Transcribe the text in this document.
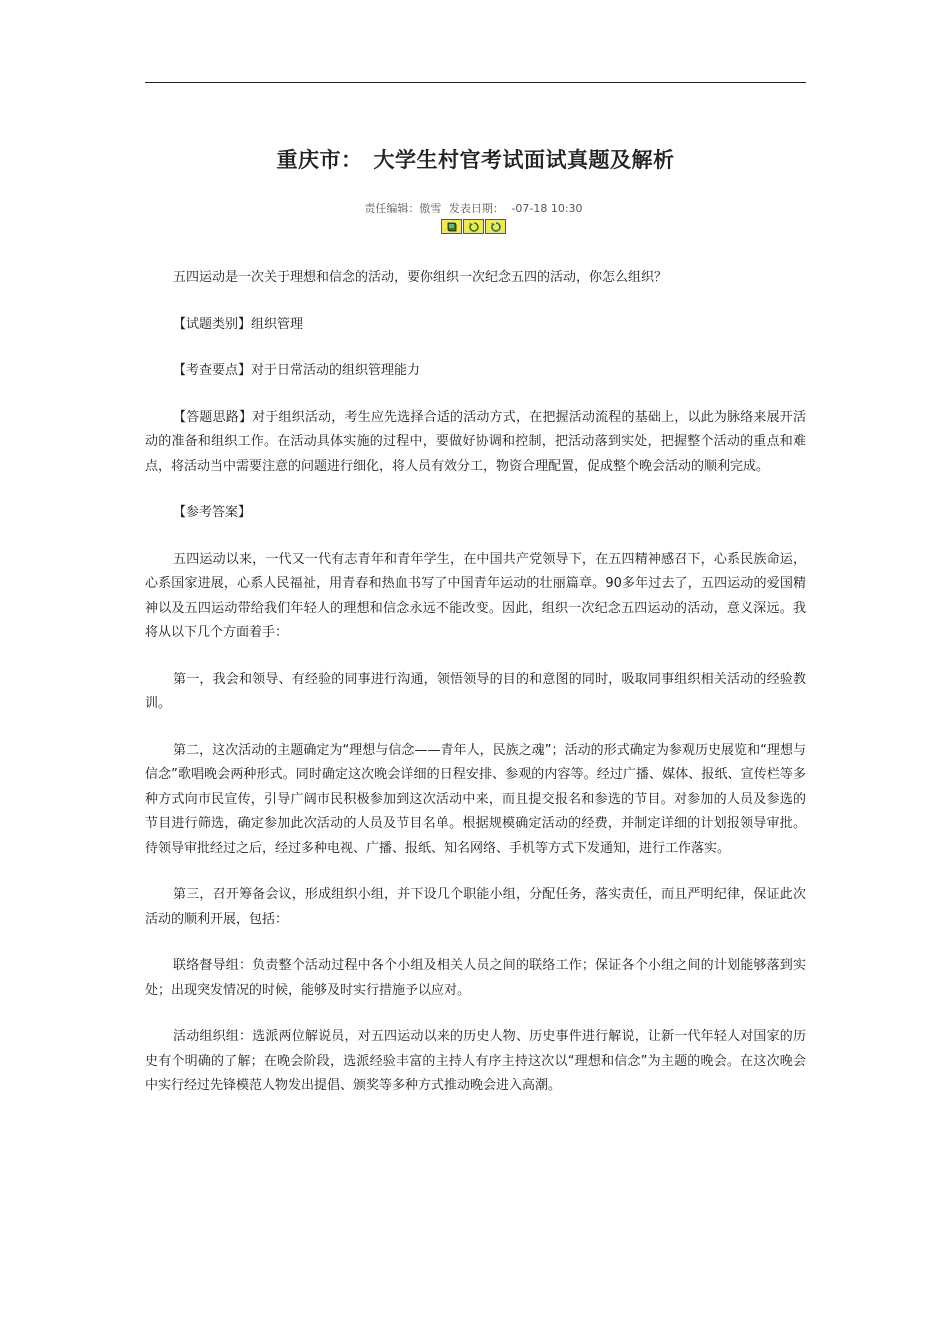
重庆市：　大学生村官考试面试真题及解析
责任编辑：傲雪 发表日期： -07-18 10:30

五四运动是一次关于理想和信念的活动，要你组织一次纪念五四的活动，你怎么组织？

【试题类别】组织管理

【考查要点】对于日常活动的组织管理能力

【答题思路】对于组织活动，考生应先选择合适的活动方式，在把握活动流程的基础上，以此为脉络来展开活动的准备和组织工作。在活动具体实施的过程中，要做好协调和控制，把活动落到实处，把握整个活动的重点和难点，将活动当中需要注意的问题进行细化，将人员有效分工，物资合理配置，促成整个晚会活动的顺利完成。

【参考答案】

五四运动以来，一代又一代有志青年和青年学生，在中国共产党领导下，在五四精神感召下，心系民族命运，心系国家进展，心系人民福祉，用青春和热血书写了中国青年运动的壮丽篇章。90多年过去了，五四运动的爱国精神以及五四运动带给我们年轻人的理想和信念永远不能改变。因此，组织一次纪念五四运动的活动，意义深远。我将从以下几个方面着手：

第一，我会和领导、有经验的同事进行沟通，领悟领导的目的和意图的同时，吸取同事组织相关活动的经验教训。

第二，这次活动的主题确定为“理想与信念——青年人，民族之魂”；活动的形式确定为参观历史展览和“理想与信念”歌唱晚会两种形式。同时确定这次晚会详细的日程安排、参观的内容等。经过广播、媒体、报纸、宣传栏等多种方式向市民宣传，引导广阔市民积极参加到这次活动中来，而且提交报名和参选的节目。对参加的人员及参选的节目进行筛选，确定参加此次活动的人员及节目名单。根据规模确定活动的经费，并制定详细的计划报领导审批。待领导审批经过之后，经过多种电视、广播、报纸、知名网络、手机等方式下发通知，进行工作落实。

第三，召开筹备会议，形成组织小组，并下设几个职能小组，分配任务，落实责任，而且严明纪律，保证此次活动的顺利开展，包括：

联络督导组：负责整个活动过程中各个小组及相关人员之间的联络工作；保证各个小组之间的计划能够落到实处；出现突发情况的时候，能够及时实行措施予以应对。

活动组织组：选派两位解说员，对五四运动以来的历史人物、历史事件进行解说，让新一代年轻人对国家的历史有个明确的了解；在晚会阶段，选派经验丰富的主持人有序主持这次以“理想和信念”为主题的晚会。在这次晚会中实行经过先锋模范人物发出提倡、颁奖等多种方式推动晚会进入高潮。
